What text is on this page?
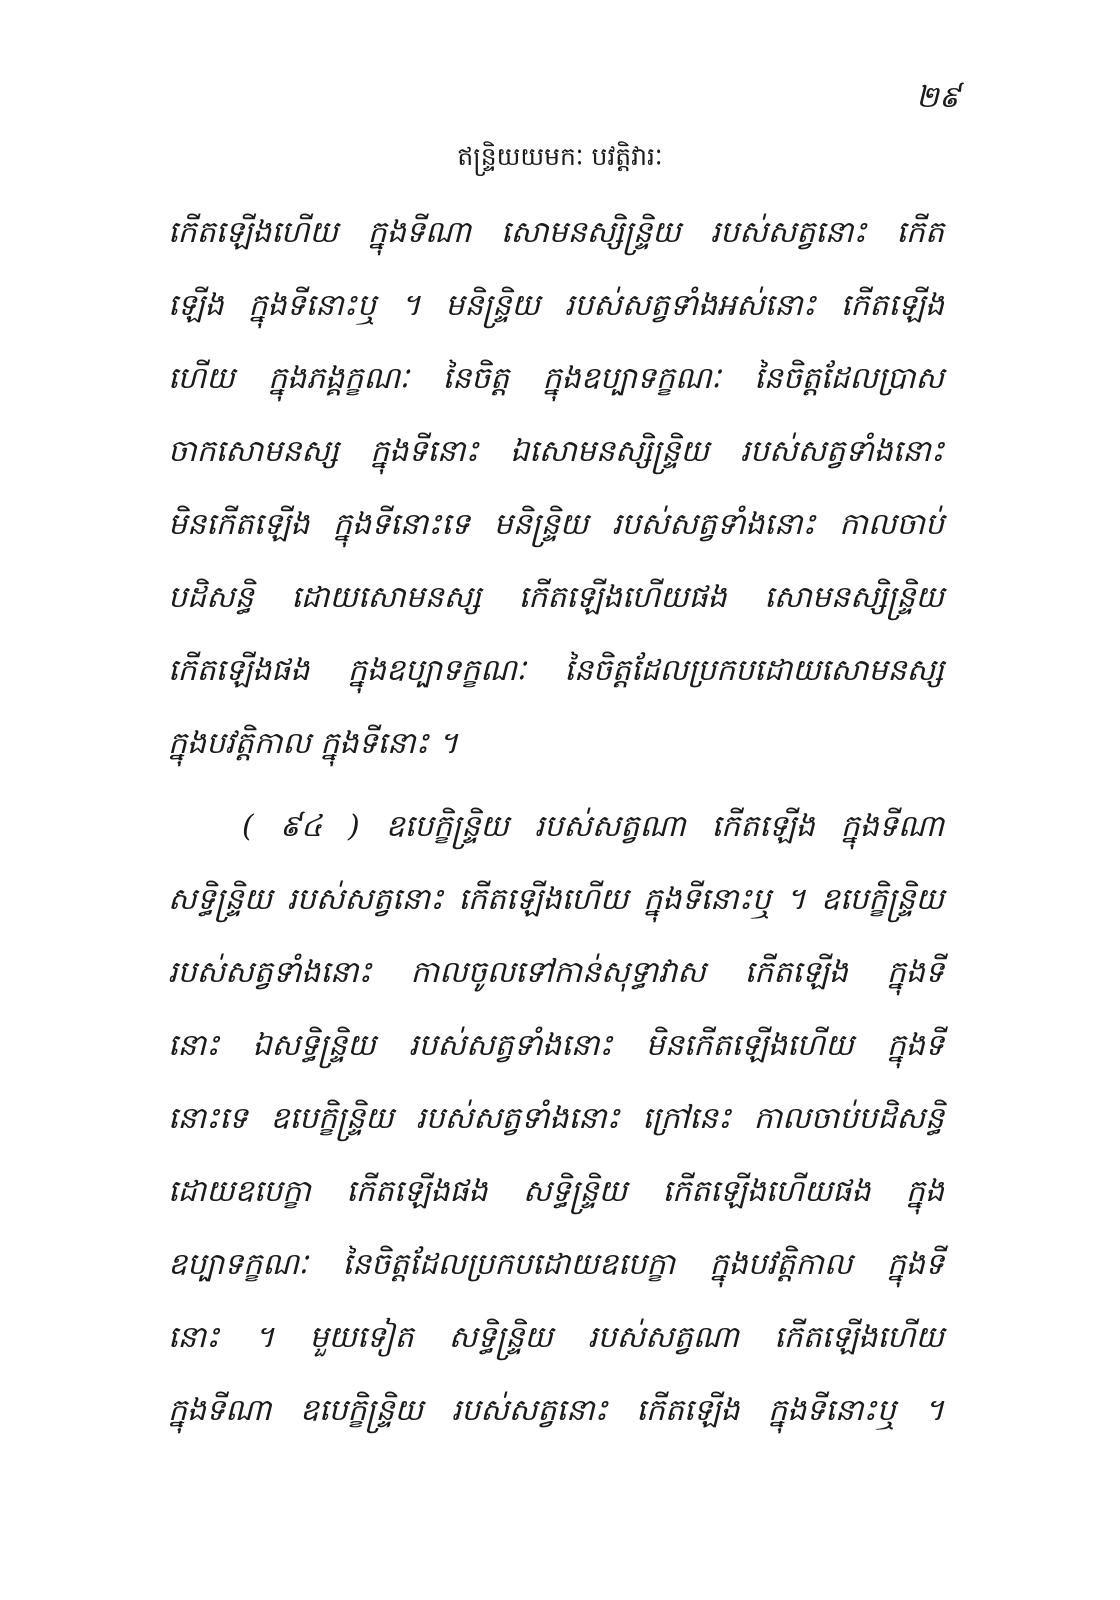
២៩
ឥន្ទ្រិយយមកៈ បវត្តិវារៈ
កើតឡើងហើយ ក្នុងទីណា សោមនស្សិន្ទ្រិយ របស់សត្វនោះ កើត
ឡើង ក្នុងទីនោះឬ ។ មនិន្ទ្រិយ របស់សត្វទាំងអស់នោះ កើតឡើង
ហើយ ក្នុងភង្គក្ខណៈ នៃចិត្ត ក្នុងឧប្បាទក្ខណៈ នៃចិត្តដែលប្រាស
ចាកសោមនស្ស ក្នុងទីនោះ ឯសោមនស្សិន្ទ្រិយ របស់សត្វទាំងនោះ
មិនកើតឡើង ក្នុងទីនោះទេ មនិន្ទ្រិយ របស់សត្វទាំងនោះ កាលចាប់
បដិសន្ធិ ដោយសោមនស្ស កើតឡើងហើយផង សោមនស្សិន្ទ្រិយ
កើតឡើងផង ក្នុងឧប្បាទក្ខណៈ នៃចិត្តដែលប្រកបដោយសោមនស្ស
ក្នុងបវត្តិកាល ក្នុងទីនោះ ។
( ៩៤ ) ឧបេក្ខិន្ទ្រិយ របស់សត្វណា កើតឡើង ក្នុងទីណា
សទ្ធិន្ទ្រិយ របស់សត្វនោះ កើតឡើងហើយ ក្នុងទីនោះឬ ។ ឧបេក្ខិន្ទ្រិយ
របស់សត្វទាំងនោះ កាលចូលទៅកាន់សុទ្ធាវាស កើតឡើង ក្នុងទី
នោះ ឯសទ្ធិន្ទ្រិយ របស់សត្វទាំងនោះ មិនកើតឡើងហើយ ក្នុងទី
នោះទេ ឧបេក្ខិន្ទ្រិយ របស់សត្វទាំងនោះ ក្រៅនេះ កាលចាប់បដិសន្ធិ
ដោយឧបេក្ខា កើតឡើងផង សទ្ធិន្ទ្រិយ កើតឡើងហើយផង ក្នុង
ឧប្បាទក្ខណៈ នៃចិត្តដែលប្រកបដោយឧបេក្ខា ក្នុងបវត្តិកាល ក្នុងទី
នោះ ។ មួយទៀត សទ្ធិន្ទ្រិយ របស់សត្វណា កើតឡើងហើយ
ក្នុងទីណា ឧបេក្ខិន្ទ្រិយ របស់សត្វនោះ កើតឡើង ក្នុងទីនោះឬ ។
